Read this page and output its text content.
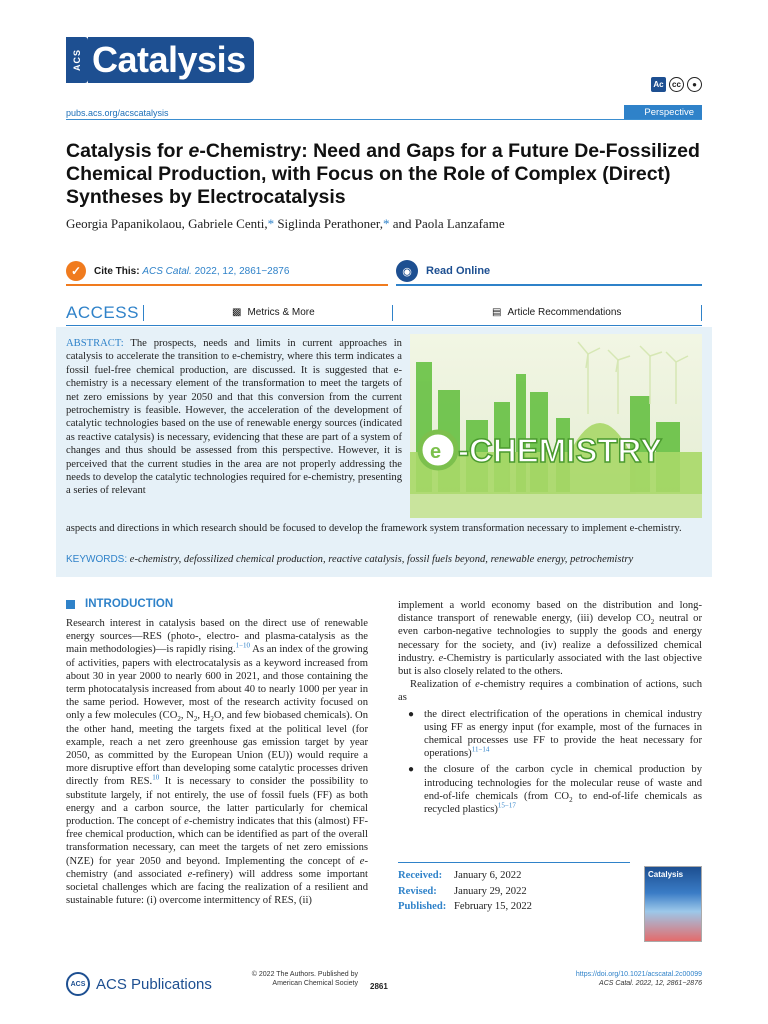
ACS Catalysis
Ac	cc	●
pubs.acs.org/acscatalysis	Perspective
Catalysis for e-Chemistry: Need and Gaps for a Future De-Fossilized Chemical Production, with Focus on the Role of Complex (Direct) Syntheses by Electrocatalysis
Georgia Papanikolaou, Gabriele Centi,* Siglinda Perathoner,* and Paola Lanzafame
✓	Cite This: ACS Catal. 2022, 12, 2861−2876	◉	Read Online
ACCESS	▩ Metrics & More	▤ Article Recommendations
ABSTRACT: The prospects, needs and limits in current approaches in catalysis to accelerate the transition to e-chemistry, where this term indicates a fossil fuel-free chemical production, are discussed. It is suggested that e-chemistry is a necessary element of the transformation to meet the targets of net zero emissions by year 2050 and that this conversion from the current petrochemistry is feasible. However, the acceleration of the development of catalytic technologies based on the use of renewable energy sources (indicated as reactive catalysis) is necessary, evidencing that these are part of a system of changes and thus should be assessed from this perspective. However, it is perceived that the current studies in the area are not properly addressing the needs to develop the catalytic technologies required for e-chemistry, presenting a series of relevant
aspects and directions in which research should be focused to develop the framework system transformation necessary to implement e-chemistry.
e -CHEMISTRY
KEYWORDS: e-chemistry, defossilized chemical production, reactive catalysis, fossil fuels beyond, renewable energy, petrochemistry
INTRODUCTION

Research interest in catalysis based on the direct use of renewable energy sources—RES (photo-, electro- and plasma-catalysis as the main methodologies)—is rapidly rising.$^{1-10}$ As an index of the growing of activities, papers with electrocatalysis as a keyword increased from about 30 in year 2000 to nearly 600 in 2021, and those containing the term photocatalysis increased from about 40 to nearly 1000 per year in the same period. However, most of the research activity focused on only a few molecules ($CO_2$, $N_2$, $H_2O$, and few biobased chemicals). On the other hand, meeting the targets fixed at the political level (for example, reach a net zero greenhouse gas emission target by year 2050, as committed by the European Union (EU)) would require a more disruptive effort than developing some catalytic processes driven directly from RES.$^{10}$ It is necessary to consider the possibility to substitute largely, if not entirely, the use of fossil fuels (FF) as both energy and a carbon source, the latter particularly for chemical production. The concept of e-chemistry indicates that this (almost) FF-free chemical production, which can be identified as part of the overall transformation necessary, can meet the targets of net zero emissions (NZE) for year 2050 and beyond. Implementing the concept of e-chemistry (and associated e-refinery) will address some important societal challenges which are facing the realization of a resilient and sustainable future: (i) overcome intermittency of RES, (ii)

implement a world economy based on the distribution and long-distance transport of renewable energy, (iii) develop $CO_2$ neutral or even carbon-negative technologies to supply the goods and energy necessary for the society, and (iv) realize a defossilized chemical industry. e-Chemistry is particularly associated with the last objective but is also closely related to the others.

Realization of e-chemistry requires a combination of actions, such as

● the direct electrification of the operations in chemical industry using FF as energy input (for example, most of the furnaces in chemical processes use FF to provide the heat necessary for operations)$^{11-14}$
● the closure of the carbon cycle in chemical production by introducing technologies for the molecular reuse of waste and end-of-life chemicals (from $CO_2$ to end-of-life chemicals as recycled plastics)$^{15-17}$
Received: January 6, 2022
Revised: January 29, 2022
Published: February 15, 2022
Catalysis
ACS ACS Publications
© 2022 The Authors. Published by
American Chemical Society 2861
https://doi.org/10.1021/acscatal.2c00099
ACS Catal. 2022, 12, 2861−2876
